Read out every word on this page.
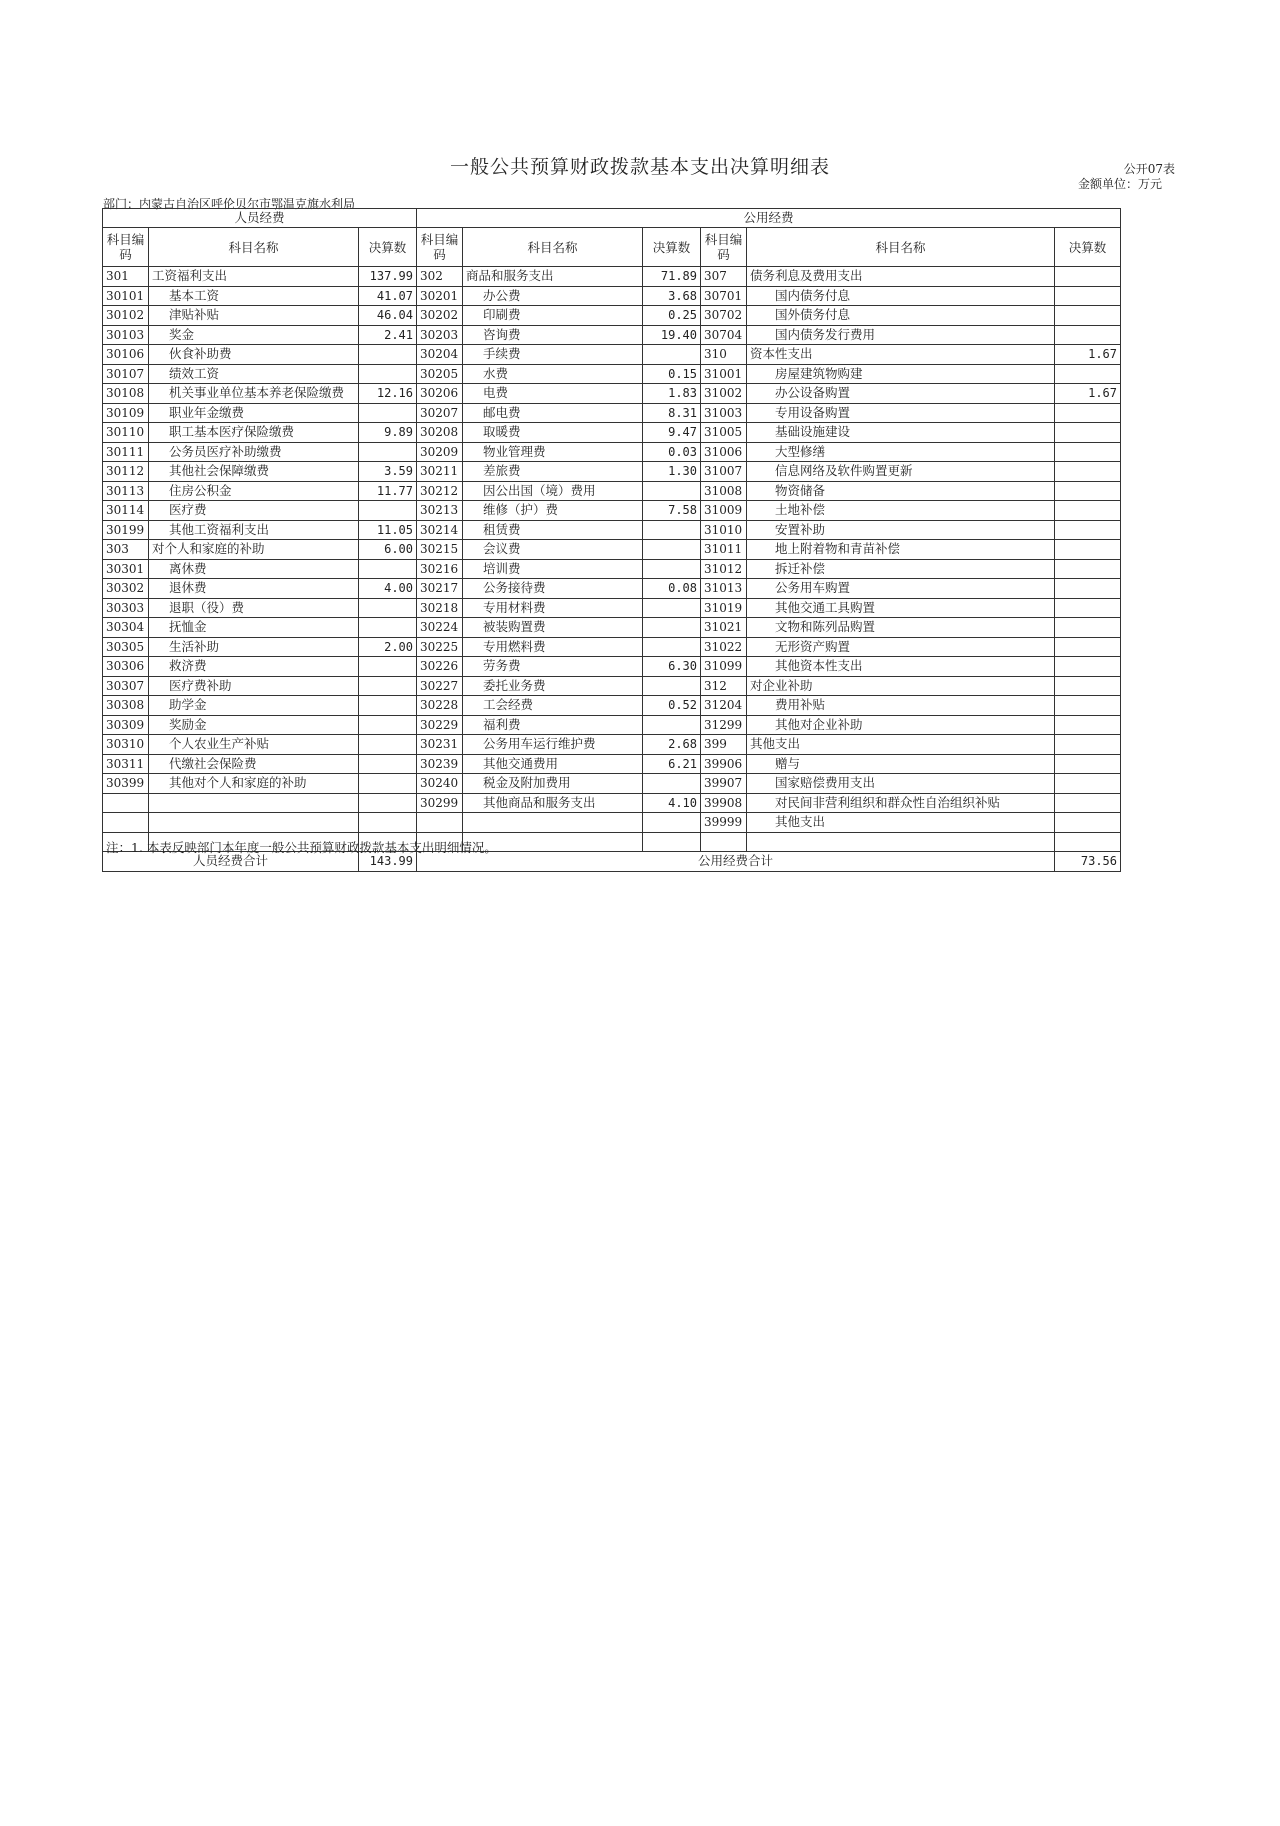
一般公共预算财政拨款基本支出决算明细表	公开07表
金额单位：万元
部门：内蒙古自治区呼伦贝尔市鄂温克旗水利局
人员经费			公用经费					
科目编码	科目名称	决算数	科目编码	科目名称	决算数	科目编码	科目名称	决算数
301	工资福利支出	137.99	302	商品和服务支出	71.89	307	债务利息及费用支出	
30101	基本工资	41.07	30201	办公费	3.68	30701	国内债务付息	
30102	津贴补贴	46.04	30202	印刷费	0.25	30702	国外债务付息	
30103	奖金	2.41	30203	咨询费	19.40	30704	国内债务发行费用	
30106	伙食补助费		30204	手续费		310	资本性支出	1.67
30107	绩效工资		30205	水费	0.15	31001	房屋建筑物购建	
30108	机关事业单位基本养老保险缴费	12.16	30206	电费	1.83	31002	办公设备购置	1.67
30109	职业年金缴费		30207	邮电费	8.31	31003	专用设备购置	
30110	职工基本医疗保险缴费	9.89	30208	取暖费	9.47	31005	基础设施建设	
30111	公务员医疗补助缴费		30209	物业管理费	0.03	31006	大型修缮	
30112	其他社会保障缴费	3.59	30211	差旅费	1.30	31007	信息网络及软件购置更新	
30113	住房公积金	11.77	30212	因公出国（境）费用		31008	物资储备	
30114	医疗费		30213	维修（护）费	7.58	31009	土地补偿	
30199	其他工资福利支出	11.05	30214	租赁费		31010	安置补助	
303	对个人和家庭的补助	6.00	30215	会议费		31011	地上附着物和青苗补偿	
30301	离休费		30216	培训费		31012	拆迁补偿	
30302	退休费	4.00	30217	公务接待费	0.08	31013	公务用车购置	
30303	退职（役）费		30218	专用材料费		31019	其他交通工具购置	
30304	抚恤金		30224	被装购置费		31021	文物和陈列品购置	
30305	生活补助	2.00	30225	专用燃料费		31022	无形资产购置	
30306	救济费		30226	劳务费	6.30	31099	其他资本性支出	
30307	医疗费补助		30227	委托业务费		312	对企业补助	
30308	助学金		30228	工会经费	0.52	31204	费用补贴	
30309	奖励金		30229	福利费		31299	其他对企业补助	
30310	个人农业生产补贴		30231	公务用车运行维护费	2.68	399	其他支出	
30311	代缴社会保险费		30239	其他交通费用	6.21	39906	赠与	
30399	其他对个人和家庭的补助		30240	税金及附加费用		39907	国家赔偿费用支出	
			30299	其他商品和服务支出	4.10	39908	对民间非营利组织和群众性自治组织补贴	
						39999	其他支出	

人员经费合计		143.99	公用经费合计					73.56
注：1. 本表反映部门本年度一般公共预算财政拨款基本支出明细情况。
